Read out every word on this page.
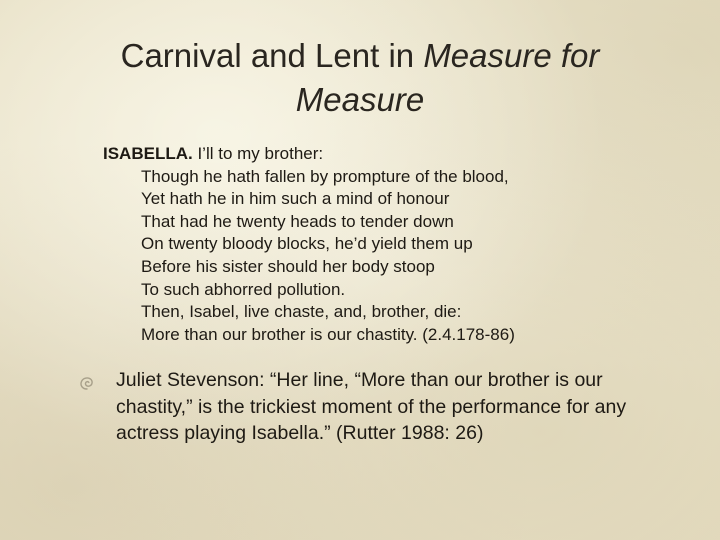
Carnival and Lent in Measure for Measure
ISABELLA. I’ll to my brother:
Though he hath fallen by prompture of the blood,
Yet hath he in him such a mind of honour
That had he twenty heads to tender down
On twenty bloody blocks, he’d yield them up
Before his sister should her body stoop
To such abhorred pollution.
Then, Isabel, live chaste, and, brother, die:
More than our brother is our chastity. (2.4.178-86)
Juliet Stevenson: “Her line, “More than our brother is our chastity,” is the trickiest moment of the performance for any actress playing Isabella.” (Rutter 1988: 26)
